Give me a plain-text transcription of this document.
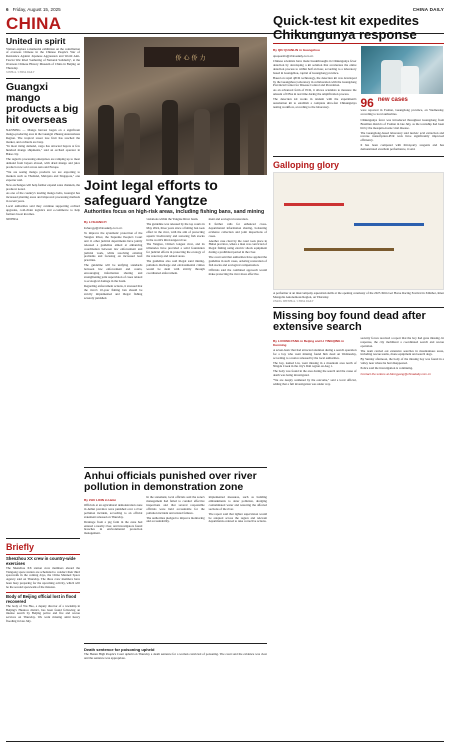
6 Friday, August 15, 2025	CHINA DAILY
CHINA
United in spirit
Visitors explore a memorial exhibition on the contribution of overseas Chinese in the Chinese People's War of Resistance Against Japanese Aggression and World Anti-Fascist War titled 'Gathering of National Solidarity', at the Overseas Chinese History Museum of China in Beijing on Thursday.
XINHUA / CHINA DAILY
Guangxi mango products a big hit overseas

NANNING — Mango harvest began on a significant mango-producing area in the Guangxi Zhuang Autonomous Region. The tropical sweet tree fruit has reached the market, and orchards are busy.

"In most rising demand, cargo has attracted buyers at few hundred mango shipments," said an orchard operator in Baise city.

The region's processing enterprises are ramping up to meet demand from buyers abroad, with dried mango and juice products now sold across Asia and Europe.

"We are seeing mango products we are exporting to markets such as Thailand, Malaysia and Singapore," one exporter said.

New exchanges will help further expand sales channels, the producer noted.

As one of the country's leading mango belts, Guangxi has increased planting areas and improved processing methods in recent years.

Local authorities said they continue supporting orchard upgrades, cold-chain logistics and e-commerce to help farmers boost incomes.

XINHUA

侨心侨力
Joint legal efforts to safeguard Yangtze
Authorities focus on high-risk areas, including fishing bans, sand mining
By LI SHANGYI
lishangyi@chinadaily.com.cn

To improve the systematic protection of the Yangtze River, the Supreme People's Court and 11 other judicial departments have jointly released a guideline aimed at enhancing coordination between law enforcement and judicial work, while resolving existing problems and focusing on increased lead priorities.

The guideline will be unifying standards between law enforcement and courts, encouraging information sharing and strengthening joint supervision of cases related to ecological damage in the basin.

Regarding enforcement actions, it stressed that the river's 10-year fishing ban should be strictly implemented and illegal fishing severely punished.

violations within the Yangtze River basin.

The guideline was released by the top courts in May 2024, three years since a fishing ban took effect in the river, with the aim of protecting aquatic biodiversity and restoring fish stocks in the world's third-longest river.

The Yangtze, China's longest river, and its tributaries have provided a solid foundation for judicial efforts in protecting the ecology of the waterway and related areas.

The guideline also said illegal sand mining, pollution discharge and environmental crimes would be dealt with strictly through coordinated enforcement.

ment and ecological restoration.

It further calls for enhanced cross-departmental information sharing, bolstering evidence collection and joint inspections of cases.

Another case cited by the court took place in Hubei province, where a man was convicted of illegal fishing using electric shock equipment during a prohibited period in the river.

The court said that authorities have applied the guideline in such cases, ordering restoration of fish stocks and ecological compensation.

Officials said the combined approach would make protecting the river more effective.

Anhui officials punished over river pollution in demonstration zone
By ZHU LIXIN in Hefei

Officials at an agricultural demonstration zone in Anhui province were punished over a river pollution incident, according to an official statement released on Thursday.

Drainage from a pig farm in the zone had entered a nearby river, and investigators found breaches in environmental protection management.

In the statement, local officials said the zone's management had failed to conduct effective inspections and that several responsible officials were held accountable for the pollution incident and related failures.

The authorities pledged to improve monitoring and accountability.

implemented measures, such as building embankments to deter pollution, dredging contaminated water and restoring the affected sections of the river.

The report said that tighter supervision would be adopted across the region and relevant departments ordered to take corrective actions.

Briefly
Shenzhou XX crew in country-wide exercises
The Shenzhou XX station crew members aboard the Tiangong space station are scheduled to conduct their third spacewalk in the coming days, the China Manned Space Agency said on Thursday. The three crew members have been busy preparing for the upcoming activity, which will be the second spacewalk of the mission.
Body of Beijing official lost in flood recovered
The body of Wu Hao, a deputy director of a township in Beijing's Huairou district, has been found following an intense search by Beijing police and fire and rescue services on Thursday. Wu went missing amid heavy flooding in late July.
Quick-test kit expedites Chikungunya response
By QIU QUANLIN in Guangzhou
qiuquanlin@chinadaily.com.cn

Chinese scientists have made breakthroughs in Chikungunya fever detection by developing a kit solution that accelerates the entire detection process to within half an hour, according to a laboratory based in Guangzhou, capital of Guangdong province.

Based on rapid qPCR technology, the detection kit was developed by the Guangzhou Laboratory in collaboration with the Guangdong Provincial Center for Disease Control and Prevention.

As an advanced form of PCR, it allows scientists to measure the amount of DNA in real time during the amplification process.

The detection kit works in tandem with the experiment's automation kit to establish a complete ultra-fast Chikungunya testing workflow, according to the laboratory.	96 new cases
were reported in Foshan, Guangdong province, on Wednesday, according to local authorities.

Chikungunya fever was introduced throughout Guangdong from Brazilian districts of Foshan in late July, as the township had been hit by the mosquito-borne viral disease.

The Guangdong-based laboratory said nucleic acid extraction and reverse transcription-PCR tests have significantly improved efficiency.

It has been compared with third-party reagents and has demonstrated excellent performance, it said.

Galloping glory
A performer at an intercompany equestrian skills at the opening ceremony of the 2025 Xilin Gol Horse Racing Festival in Xilinhot, Inner Mongolia Autonomous Region, on Thursday.
ZHANG ZHENHUA / CHINA DAILY
Missing boy found dead after extensive search
By LI DONGYANG in Beijing and LI YINGQING in Kunming

A seven-basic that had attracted attention during a search operation for a boy who went missing found him dead on Wednesday, according to a notice released by the local authorities.

The boy, named Liu, went missing in a mountain area north of Ningde Creek in the city's Dali region on Aug 1.

The body was found in the area during the search and the cause of death was being investigated.

"We are deeply saddened by the outcome," said a local official, adding that a full investigation was under way.

security forces received a report that the boy had gone missing. In response, the city mobilized a coordinated search and rescue operation.

The team carried out extensive searches in mountainous areas, including rescue teams, drone equipment and search dogs.

By Sunday afternoon, the body of the missing boy was found in a valley near where he had disappeared.

Police said the investigation is continuing.

Contact the writers at lidongyang@chinadaily.com.cn
Death sentence for poisoning upheld
The Henan High People's Court upheld on Thursday a death sentence for a woman convicted of poisoning. The court said the evidence was clear and the sentence was appropriate.
